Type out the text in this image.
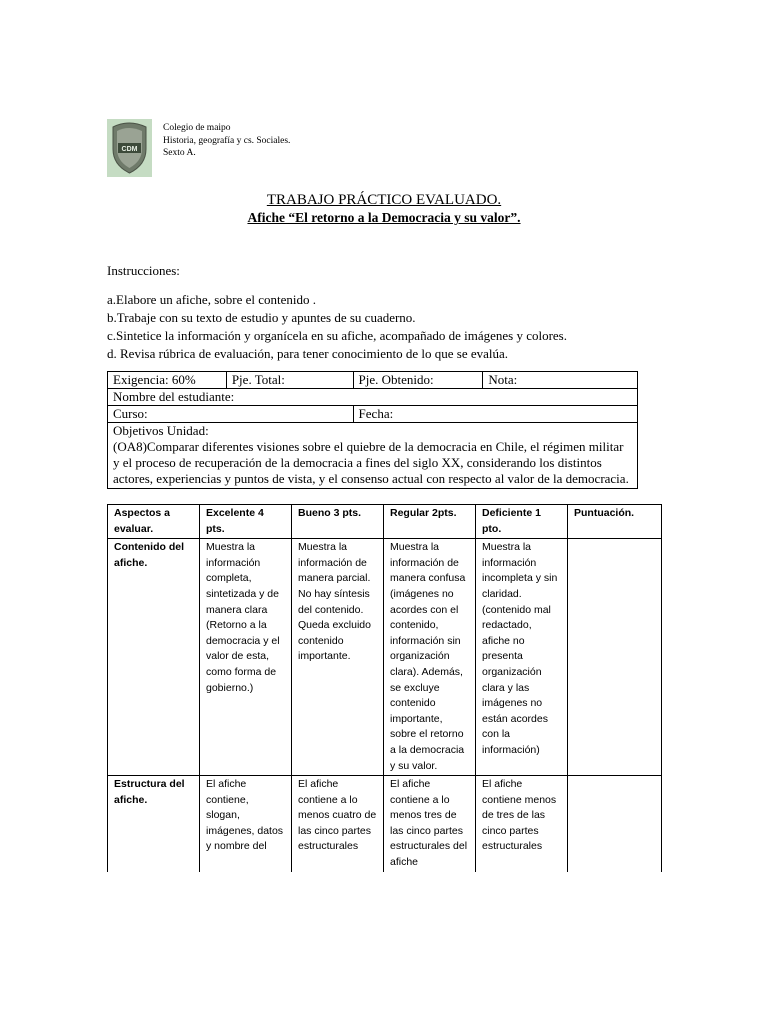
CDM
Colegio de maipo
Historia, geografía y cs. Sociales.
Sexto A.
TRABAJO PRÁCTICO EVALUADO.
Afiche “El retorno a la Democracia y su valor”.
Instrucciones:
a.Elabore un afiche, sobre el contenido .
b.Trabaje con su texto de estudio y apuntes de su cuaderno.
c.Sintetice la información y organícela en su afiche, acompañado de imágenes y colores.
d. Revisa rúbrica de evaluación, para tener conocimiento de lo que se evalúa.
Exigencia: 60%	Pje. Total:	Pje. Obtenido:	Nota:
Nombre del estudiante:			
Curso:		Fecha:	

Objetivos Unidad:
(OA8)Comparar diferentes visiones sobre el quiebre de la democracia en Chile, el régimen militar y el proceso de recuperación de la democracia a fines del siglo XX, considerando los distintos actores, experiencias y puntos de vista, y el consenso actual con respecto al valor de la democracia.			
Aspectos a evaluar.	Excelente 4 pts.	Bueno 3 pts.	Regular 2pts.	Deficiente 1 pto.	Puntuación.
Contenido del afiche.	Muestra la información completa, sintetizada y de manera clara (Retorno a la democracia y el valor de esta, como forma de gobierno.)	Muestra la información de manera parcial. No hay síntesis del contenido. Queda excluido contenido importante.	Muestra la información de manera confusa (imágenes no acordes con el contenido, información sin organización clara). Además, se excluye contenido importante, sobre el retorno a la democracia y su valor.	Muestra la información incompleta y sin claridad. (contenido mal redactado, afiche no presenta organización clara y las imágenes no están acordes con la información)	

Estructura del afiche.	El afiche contiene, slogan, imágenes, datos y nombre del	El afiche contiene a lo menos cuatro de las cinco partes estructurales	El afiche contiene a lo menos tres de las cinco partes estructurales del afiche	El afiche contiene menos de tres de las cinco partes estructurales	
